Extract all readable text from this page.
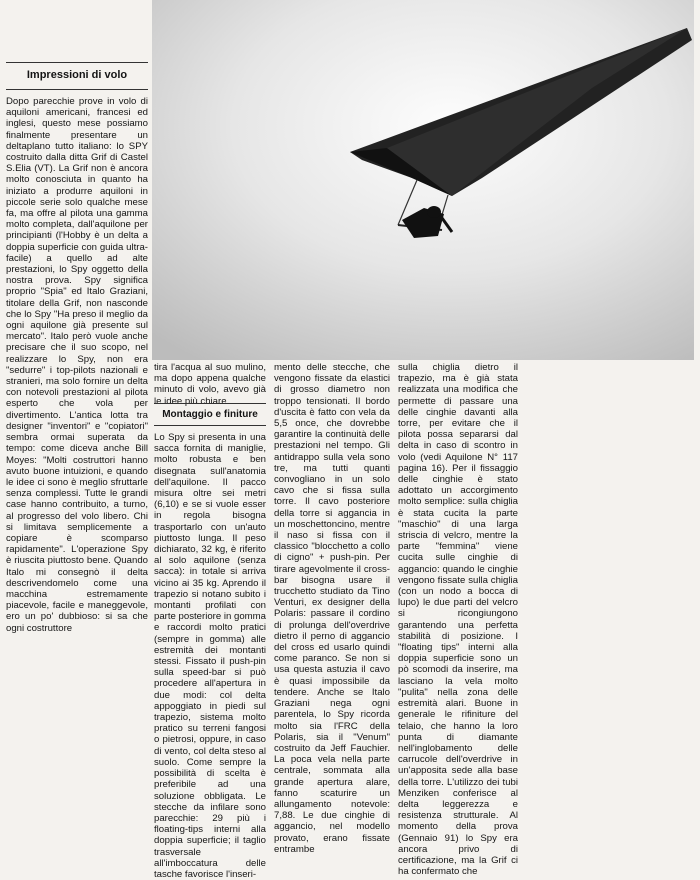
Impressioni di volo
Dopo parecchie prove in volo di aquiloni americani, francesi ed inglesi, questo mese possiamo finalmente presentare un deltaplano tutto italiano: lo SPY costruito dalla ditta Grif di Castel S.Elia (VT). La Grif non è ancora molto conosciuta in quanto ha iniziato a produrre aquiloni in piccole serie solo qualche mese fa, ma offre al pilota una gamma molto completa, dall'aquilone per principianti (l'Hobby è un delta a doppia superficie con guida ultra-facile) a quello ad alte prestazioni, lo Spy oggetto della nostra prova. Spy significa proprio "Spia" ed Italo Graziani, titolare della Grif, non nasconde che lo Spy "Ha preso il meglio da ogni aquilone già presente sul mercato". Italo però vuole anche precisare che il suo scopo, nel realizzare lo Spy, non era "sedurre" i top-pilots nazionali e stranieri, ma solo fornire un delta con notevoli prestazioni al pilota esperto che vola per divertimento. L'antica lotta tra designer "inventori" e "copiatori" sembra ormai superata da tempo: come diceva anche Bill Moyes: "Molti costruttori hanno avuto buone intuizioni, e quando le idee ci sono è meglio sfruttarle senza complessi. Tutte le grandi case hanno contribuito, a turno, al progresso del volo libero. Chi si limitava semplicemente a copiare è scomparso rapidamente". L'operazione Spy è riuscita piuttosto bene. Quando Italo mi consegnò il delta descrivendomelo come una macchina estremamente piacevole, facile e maneggevole, ero un po' dubbioso: si sa che ogni costruttore
tira l'acqua al suo mulino, ma dopo appena qualche minuto di volo, avevo già le idee più chiare.
Montaggio e finiture
Lo Spy si presenta in una sacca fornita di maniglie, molto robusta e ben disegnata sull'anatomia dell'aquilone. Il pacco misura oltre sei metri (6,10) e se si vuole esser in regola bisogna trasportarlo con un'auto piuttosto lunga. Il peso dichiarato, 32 kg, è riferito al solo aquilone (senza sacca): in totale si arriva vicino ai 35 kg. Aprendo il trapezio si notano subito i montanti profilati con parte posteriore in gomma e raccordi molto pratici (sempre in gomma) alle estremità dei montanti stessi. Fissato il push-pin sulla speed-bar si può procedere all'apertura in due modi: col delta appoggiato in piedi sul trapezio, sistema molto pratico su terreni fangosi o pietrosi, oppure, in caso di vento, col delta steso al suolo. Come sempre la possibilità di scelta è preferibile ad una soluzione obbligata. Le stecche da infilare sono parecchie: 29 più i floating-tips interni alla doppia superficie; il taglio trasversale all'imboccatura delle tasche favorisce l'inseri-
mento delle stecche, che vengono fissate da elastici di grosso diametro non troppo tensionati. Il bordo d'uscita è fatto con vela da 5,5 once, che dovrebbe garantire la continuità delle prestazioni nel tempo. Gli antidrappo sulla vela sono tre, ma tutti quanti convogliano in un solo cavo che si fissa sulla torre. Il cavo posteriore della torre si aggancia in un moschettoncino, mentre il naso si fissa con il classico "blocchetto a collo di cigno" + push-pin. Per tirare agevolmente il cross-bar bisogna usare il trucchetto studiato da Tino Venturi, ex designer della Polaris: passare il cordino di prolunga dell'overdrive dietro il perno di aggancio del cross ed usarlo quindi come paranco. Se non si usa questa astuzia il cavo è quasi impossibile da tendere. Anche se Italo Graziani nega ogni parentela, lo Spy ricorda molto sia l'FRC della Polaris, sia il "Venum" costruito da Jeff Fauchier. La poca vela nella parte centrale, sommata alla grande apertura alare, fanno scaturire un allungamento notevole: 7,88. Le due cinghie di aggancio, nel modello provato, erano fissate entrambe
sulla chiglia dietro il trapezio, ma è già stata realizzata una modifica che permette di passare una delle cinghie davanti alla torre, per evitare che il pilota possa separarsi dal delta in caso di scontro in volo (vedi Aquilone N° 117 pagina 16). Per il fissaggio delle cinghie è stato adottato un accorgimento molto semplice: sulla chiglia è stata cucita la parte "maschio" di una larga striscia di velcro, mentre la parte "femmina" viene cucita sulle cinghie di aggancio: quando le cinghie vengono fissate sulla chiglia (con un nodo a bocca di lupo) le due parti del velcro si ricongiungono garantendo una perfetta stabilità di posizione. I "floating tips" interni alla doppia superficie sono un pò scomodi da inserire, ma lasciano la vela molto "pulita" nella zona delle estremità alari. Buone in generale le rifiniture del telaio, che hanno la loro punta di diamante nell'inglobamento delle carrucole dell'overdrive in un'apposita sede alla base della torre. L'utilizzo dei tubi Menziken conferisce al delta leggerezza e resistenza strutturale. Al momento della prova (Gennaio 91) lo Spy era ancora privo di certificazione, ma la Grif ci ha confermato che
